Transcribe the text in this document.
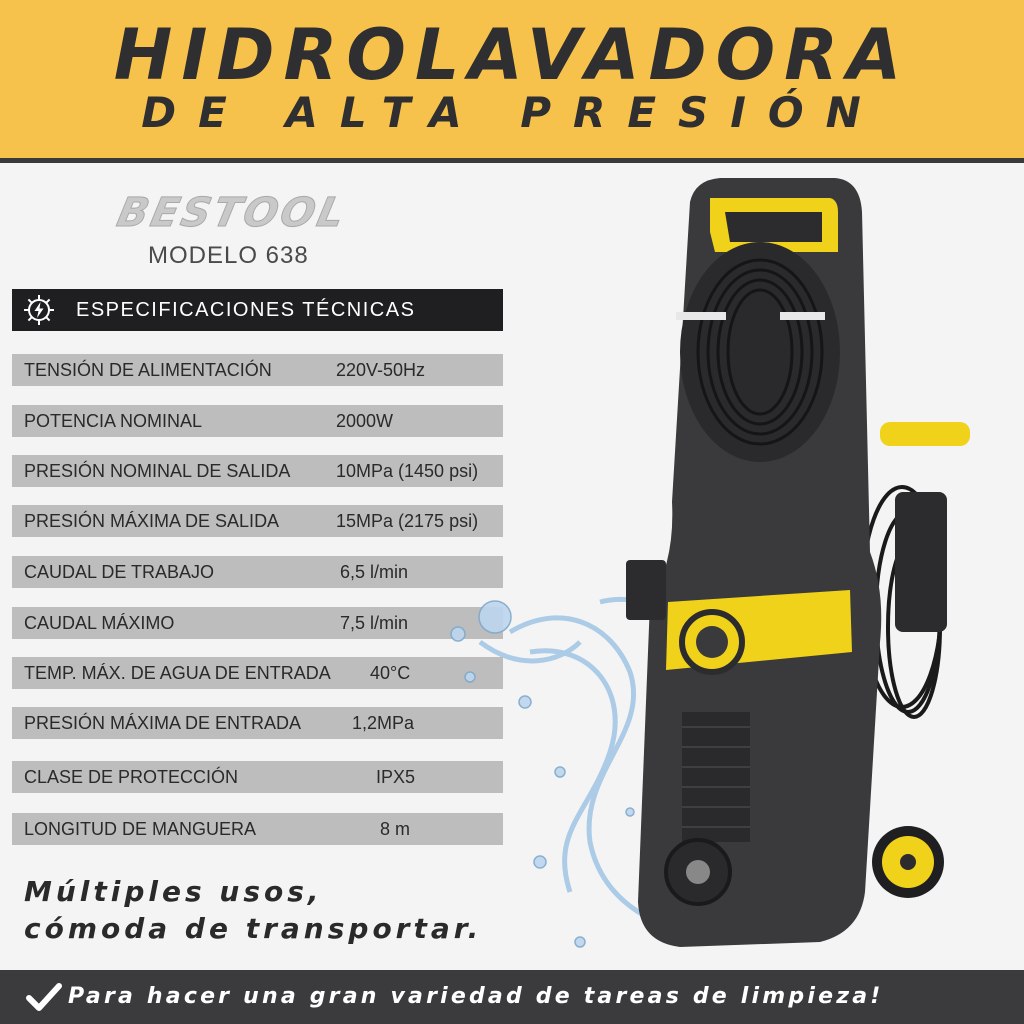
HIDROLAVADORA
DE ALTA PRESIÓN
BESTOOL
MODELO 638
ESPECIFICACIONES TÉCNICAS
TENSIÓN DE ALIMENTACIÓN	220V-50Hz
POTENCIA NOMINAL	2000W
PRESIÓN NOMINAL DE SALIDA	10MPa (1450 psi)
PRESIÓN MÁXIMA DE SALIDA	15MPa (2175 psi)
CAUDAL DE TRABAJO	6,5 l/min
CAUDAL MÁXIMO	7,5 l/min
TEMP. MÁX. DE AGUA DE ENTRADA 40°C
PRESIÓN MÁXIMA DE ENTRADA	1,2MPa
CLASE DE PROTECCIÓN	IPX5
LONGITUD DE MANGUERA	8 m
Múltiples usos,
cómoda de transportar.
Para hacer una gran variedad de tareas de limpieza!
